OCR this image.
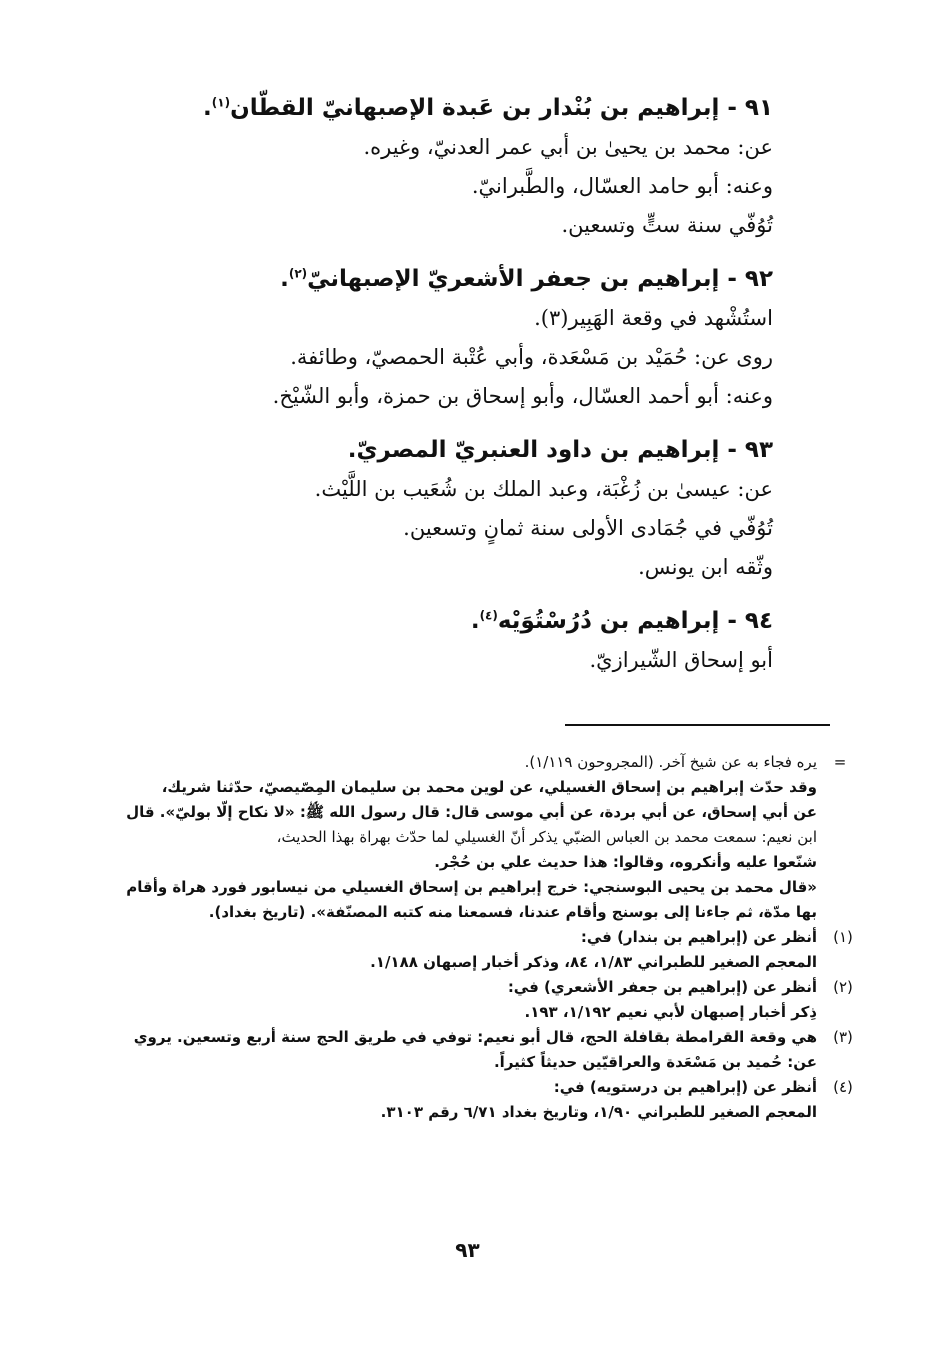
٩١ - إبراهيم بن بُنْدار بن عَبدة الإصبهانيّ القطّان$^{(١)}$.
عن: محمد بن يحيىٰ بن أبي عمر العدنيّ، وغيره.
وعنه: أبو حامد العسّال، والطَّبرانيّ.
تُوُفّي سنة ستٍّ وتسعين.
٩٢ - إبراهيم بن جعفر الأشعريّ الإصبهانيّ$^{(٢)}$.
استُشْهد في وقعة الهَبِير(٣).
روى عن: حُمَيْد بن مَسْعَدة، وأبي عُتْبة الحمصيّ، وطائفة.
وعنه: أبو أحمد العسّال، وأبو إسحاق بن حمزة، وأبو الشّيْخ.
٩٣ - إبراهيم بن داود العنبريّ المصريّ.
عن: عيسىٰ بن زُغْبَة، وعبد الملك بن شُعَيب بن اللَّيْث.
تُوُفّي في جُمَادى الأولى سنة ثمانٍ وتسعين.
وثّقه ابن يونس.
٩٤ - إبراهيم بن دُرُسْتُوَيْه$^{(٤)}$.
أبو إسحاق الشّيرازيّ.
=
يره فجاء به عن شيخ آخر. (المجروحون ١/١١٩).
وقد حدّث إبراهيم بن إسحاق الغسيلي، عن لوين محمد بن سليمان المِصّيصيّ، حدّثنا شريك،
عن أبي إسحاق، عن أبي بردة، عن أبي موسى قال: قال رسول الله ﷺ: «لا نكاح إلّا بوليّ». قال
ابن نعيم: سمعت محمد بن العباس الضبّي يذكر أنّ الغسيلي لما حدّث بهراة بهذا الحديث،
شنّعوا عليه وأنكروه، وقالوا: هذا حديث علي بن حُجْر.
«قال محمد بن يحيى البوسنجي: خرج إبراهيم بن إسحاق الغسيلي من نيسابور فورد هراة وأقام
بها مدّة، ثم جاءنا إلى بوسنج وأقام عندنا، فسمعنا منه كتبه المصنّفة». (تاريخ بغداد).
(١)
أنظر عن (إبراهيم بن بندار) في:
المعجم الصغير للطبراني ١/٨٣، ٨٤، وذكر أخبار إصبهان ١/١٨٨.
(٢)
أنظر عن (إبراهيم بن جعفر الأشعري) في:
ذِكر أخبار إصبهان لأبي نعيم ١/١٩٢، ١٩٣.
(٣)
هي وقعة القرامطة بقافلة الحج، قال أبو نعيم: توفي في طريق الحج سنة أربع وتسعين. يروي
عن: حُميد بن مَسْعَدة والعراقيّين حديثاً كثيراً.
(٤)
أنظر عن (إبراهيم بن درستويه) في:
المعجم الصغير للطبراني ١/٩٠، وتاريخ بغداد ٦/٧١ رقم ٣١٠٣.
٩٣
